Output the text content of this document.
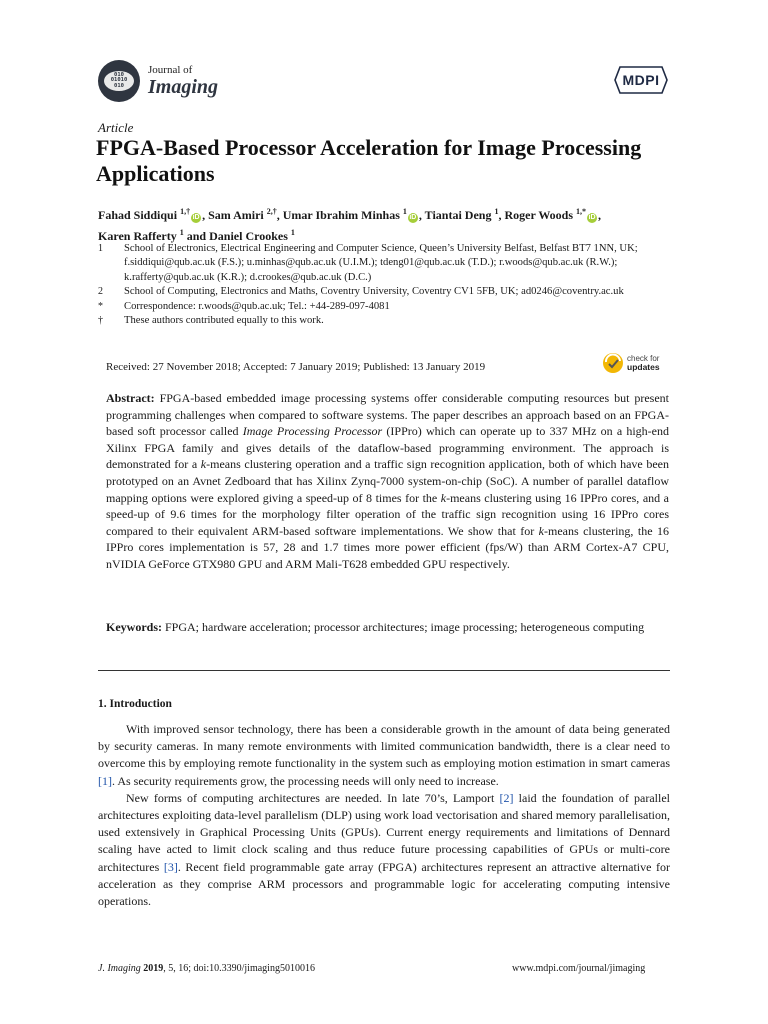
010
01010
010
Journal of
Imaging	MDPI
Article
FPGA-Based Processor Acceleration for Image Processing Applications
Fahad Siddiqui $^{1,\dagger}$iD , Sam Amiri $^{2,\dagger}$, Umar Ibrahim Minhas $^1$iD , Tiantai Deng $^1$, Roger Woods $^{1,*}$iD ,
Karen Rafferty $^1$ and Daniel Crookes $^1$
1	School of Electronics, Electrical Engineering and Computer Science, Queen’s University Belfast, Belfast BT7 1NN, UK; f.siddiqui@qub.ac.uk (F.S.); u.minhas@qub.ac.uk (U.I.M.); tdeng01@qub.ac.uk (T.D.); r.woods@qub.ac.uk (R.W.); k.rafferty@qub.ac.uk (K.R.); d.crookes@qub.ac.uk (D.C.)
2	School of Computing, Electronics and Maths, Coventry University, Coventry CV1 5FB, UK; ad0246@coventry.ac.uk
*	Correspondence: r.woods@qub.ac.uk; Tel.: +44-289-097-4081
†	These authors contributed equally to this work.
Received: 27 November 2018; Accepted: 7 January 2019; Published: 13 January 2019
check for
updates

Abstract: FPGA-based embedded image processing systems offer considerable computing resources but present programming challenges when compared to software systems. The paper describes an approach based on an FPGA-based soft processor called Image Processing Processor (IPPro) which can operate up to 337 MHz on a high-end Xilinx FPGA family and gives details of the dataflow-based programming environment. The approach is demonstrated for a k-means clustering operation and a traffic sign recognition application, both of which have been prototyped on an Avnet Zedboard that has Xilinx Zynq-7000 system-on-chip (SoC). A number of parallel dataflow mapping options were explored giving a speed-up of 8 times for the k-means clustering using 16 IPPro cores, and a speed-up of 9.6 times for the morphology filter operation of the traffic sign recognition using 16 IPPro cores compared to their equivalent ARM-based software implementations. We show that for k-means clustering, the 16 IPPro cores implementation is 57, 28 and 1.7 times more power efficient (fps/W) than ARM Cortex-A7 CPU, nVIDIA GeForce GTX980 GPU and ARM Mali-T628 embedded GPU respectively.

Keywords: FPGA; hardware acceleration; processor architectures; image processing; heterogeneous computing

1. Introduction

With improved sensor technology, there has been a considerable growth in the amount of data being generated by security cameras. In many remote environments with limited communication bandwidth, there is a clear need to overcome this by employing remote functionality in the system such as employing motion estimation in smart cameras [1]. As security requirements grow, the processing needs will only need to increase.

New forms of computing architectures are needed. In late 70’s, Lamport [2] laid the foundation of parallel architectures exploiting data-level parallelism (DLP) using work load vectorisation and shared memory parallelisation, used extensively in Graphical Processing Units (GPUs). Current energy requirements and limitations of Dennard scaling have acted to limit clock scaling and thus reduce future processing capabilities of GPUs or multi-core architectures [3]. Recent field programmable gate array (FPGA) architectures represent an attractive alternative for acceleration as they comprise ARM processors and programmable logic for accelerating computing intensive operations.

J. Imaging 2019, 5, 16; doi:10.3390/jimaging5010016	www.mdpi.com/journal/jimaging
